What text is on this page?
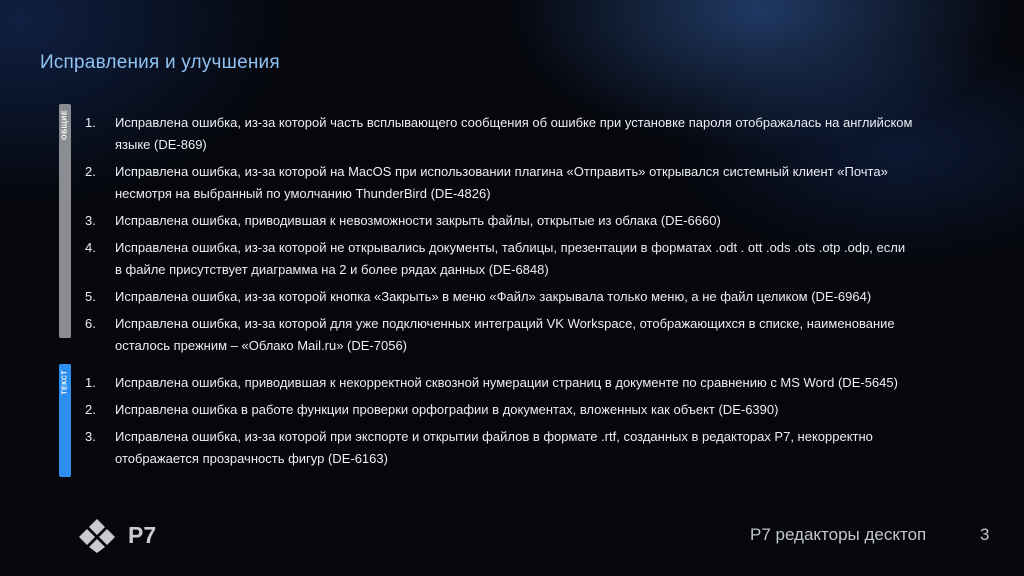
Исправления и улучшения
ОБЩИЕ 1.	Исправлена ошибка, из-за которой часть всплывающего сообщения об ошибке при установке пароля отображалась на английском языке (DE-869)
2.	Исправлена ошибка, из-за которой на MacOS при использовании плагина «Отправить» открывался системный клиент «Почта» несмотря на выбранный по умолчанию ThunderBird (DE-4826)
3.	Исправлена ошибка, приводившая к невозможности закрыть файлы, открытые из облака (DE-6660)
4.	Исправлена ошибка, из-за которой не открывались документы, таблицы, презентации в форматах .odt . ott .ods .ots .otp .odp, если в файле присутствует диаграмма на 2 и более рядах данных (DE-6848)
5.	Исправлена ошибка, из-за которой кнопка «Закрыть» в меню «Файл» закрывала только меню, а не файл целиком (DE-6964)
6.	Исправлена ошибка, из-за которой для уже подключенных интеграций VK Workspace, отображающихся в списке, наименование осталось прежним – «Облако Mail.ru» (DE-7056)
ТЕКСТ 1.	Исправлена ошибка, приводившая к некорректной сквозной нумерации страниц в документе по сравнению с MS Word (DE-5645)
2.	Исправлена ошибка в работе функции проверки орфографии в документах, вложенных как объект (DE-6390)
3.	Исправлена ошибка, из-за которой при экспорте и открытии файлов в формате .rtf, созданных в редакторах Р7, некорректно отображается прозрачность фигур (DE-6163)
Р7	Р7 редакторы десктоп	3
